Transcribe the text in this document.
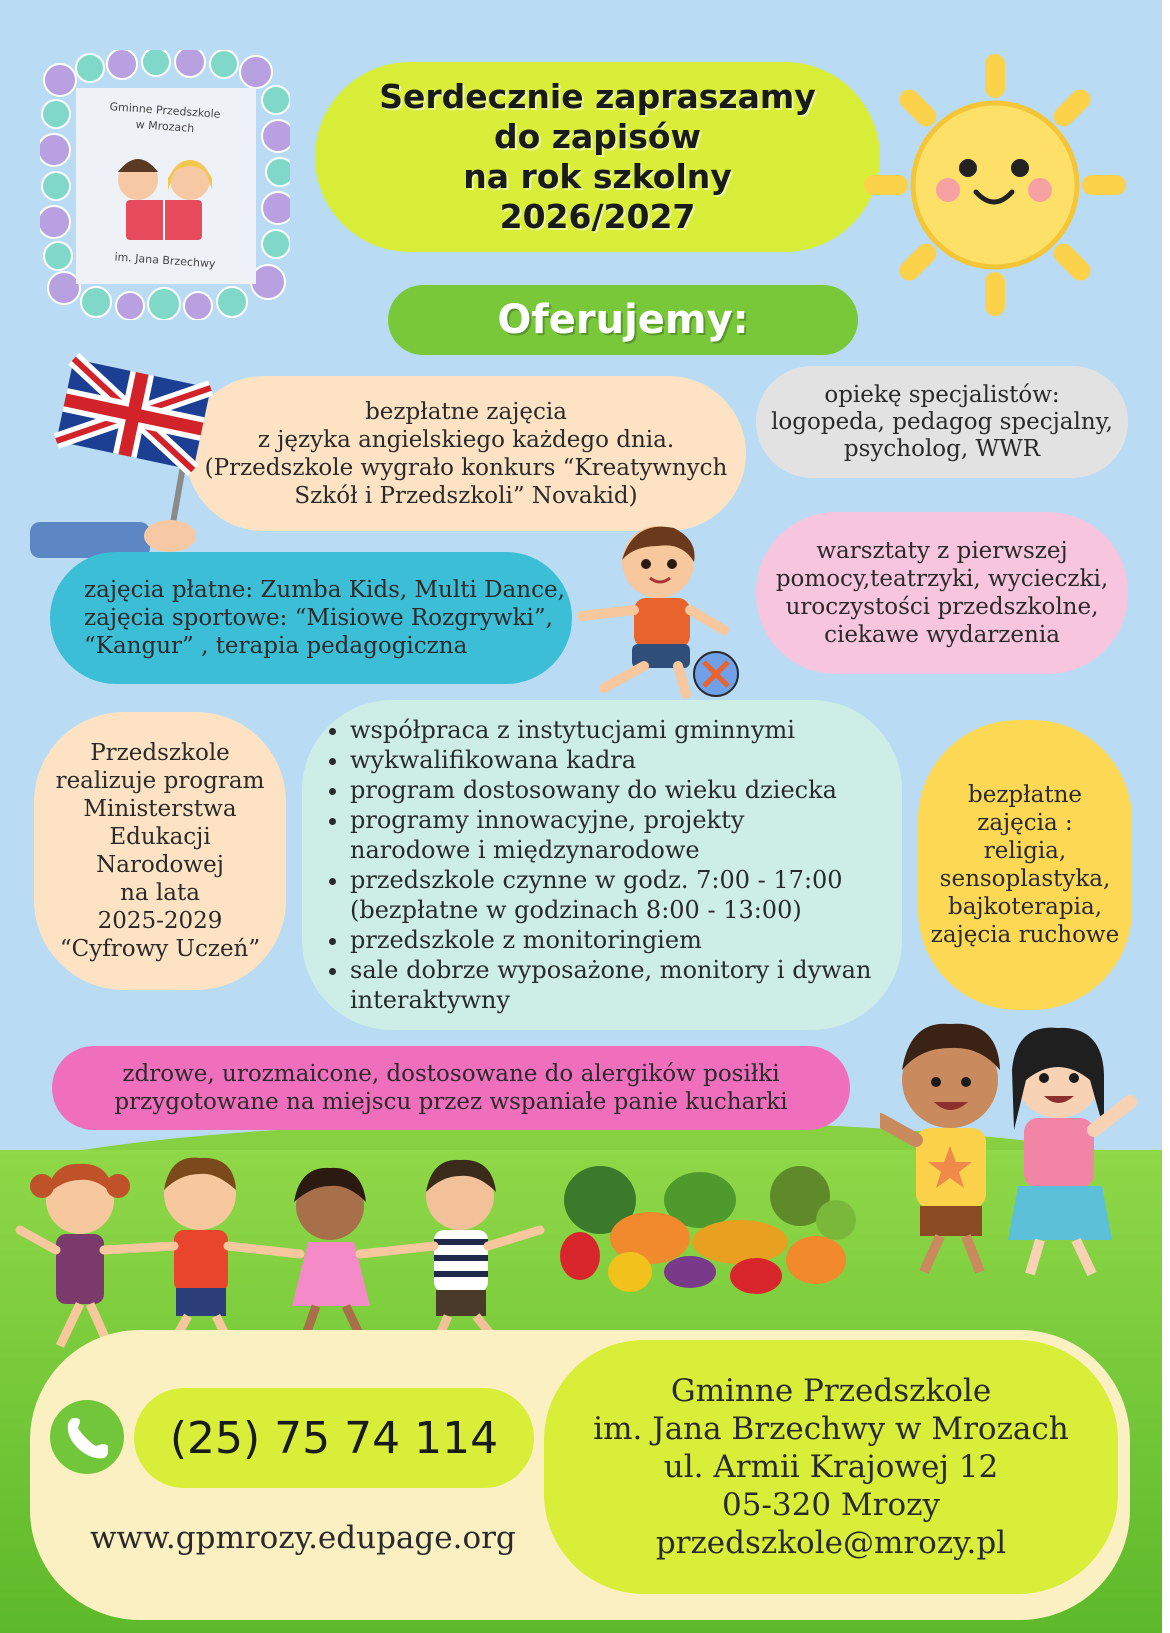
Gminne Przedszkole
w Mrozach
im. Jana Brzechwy
Serdecznie zapraszamy
do zapisów
na rok szkolny
2026/2027
Oferujemy:
bezpłatne zajęcia
z języka angielskiego każdego dnia.
(Przedszkole wygrało konkurs “Kreatywnych
Szkół i Przedszkoli” Novakid)
opiekę specjalistów:
logopeda, pedagog specjalny,
psycholog, WWR
zajęcia płatne: Zumba Kids, Multi Dance,
zajęcia sportowe: “Misiowe Rozgrywki”,
“Kangur” , terapia pedagogiczna
warsztaty z pierwszej
pomocy,teatrzyki, wycieczki,
uroczystości przedszkolne,
ciekawe wydarzenia
Przedszkole
realizuje program
Ministerstwa
Edukacji
Narodowej
na lata
2025-2029
“Cyfrowy Uczeń”
• współpraca z instytucjami gminnymi
• wykwalifikowana kadra
• program dostosowany do wieku dziecka
• programy innowacyjne, projekty narodowe i międzynarodowe
• przedszkole czynne w godz. 7:00 - 17:00 (bezpłatne w godzinach 8:00 - 13:00)
• przedszkole z monitoringiem
• sale dobrze wyposażone, monitory i dywan interaktywny
bezpłatne
zajęcia :
religia,
sensoplastyka,
bajkoterapia,
zajęcia ruchowe
zdrowe, urozmaicone, dostosowane do alergików posiłki
przygotowane na miejscu przez wspaniałe panie kucharki
(25) 75 74 114
www.gpmrozy.edupage.org
Gminne Przedszkole
im. Jana Brzechwy w Mrozach
ul. Armii Krajowej 12
05-320 Mrozy
przedszkole@mrozy.pl
